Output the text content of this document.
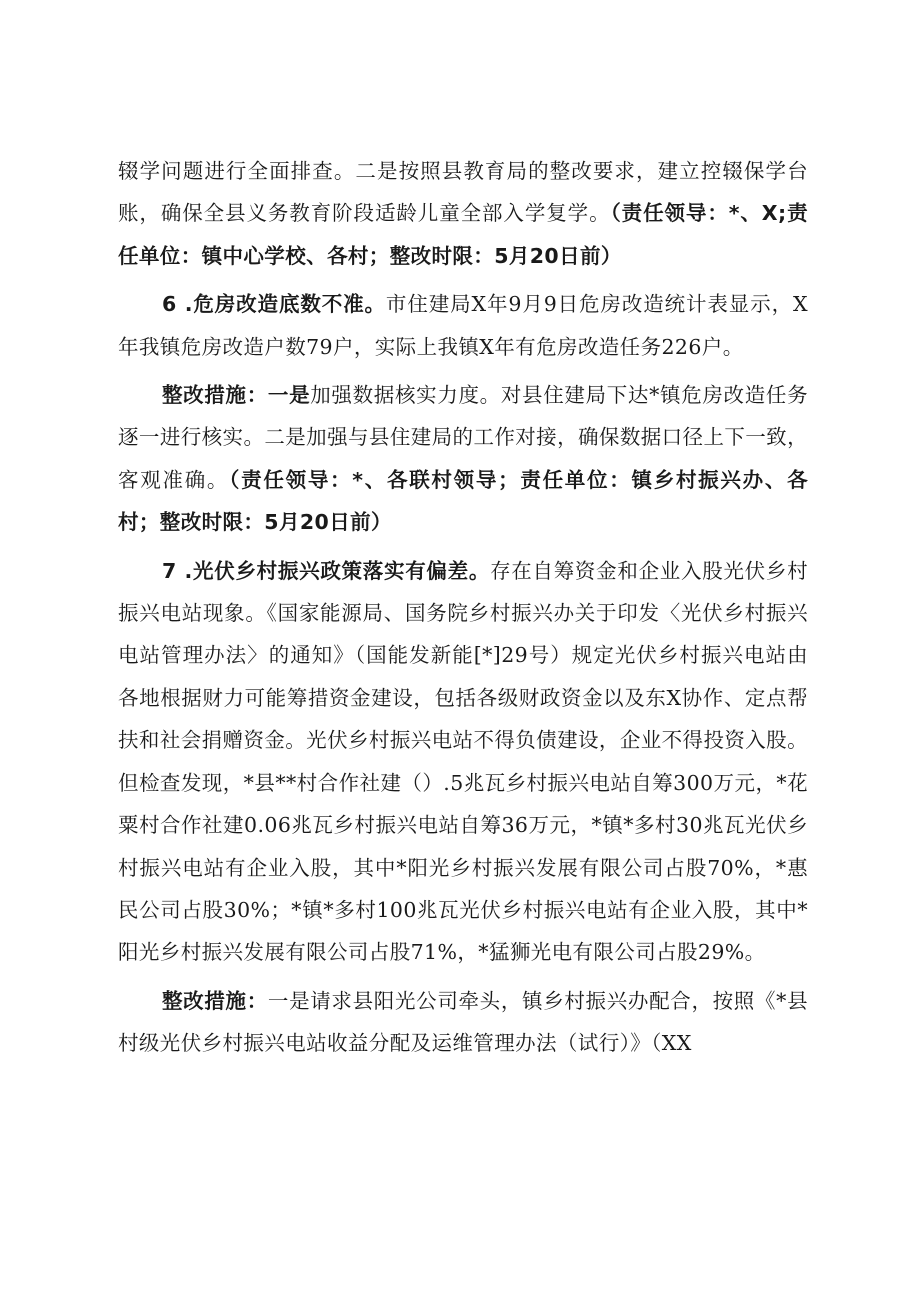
辍学问题进行全面排查。二是按照县教育局的整改要求，建立控辍保学台账，确保全县义务教育阶段适龄儿童全部入学复学。（责任领导：*、X;责任单位：镇中心学校、各村；整改时限：5月20日前）

6 .危房改造底数不准。市住建局X年9月9日危房改造统计表显示，X年我镇危房改造户数79户，实际上我镇X年有危房改造任务226户。

整改措施：一是加强数据核实力度。对县住建局下达*镇危房改造任务逐一进行核实。二是加强与县住建局的工作对接，确保数据口径上下一致，客观准确。（责任领导：*、各联村领导；责任单位：镇乡村振兴办、各村；整改时限：5月20日前）

7 .光伏乡村振兴政策落实有偏差。存在自筹资金和企业入股光伏乡村振兴电站现象。《国家能源局、国务院乡村振兴办关于印发〈光伏乡村振兴电站管理办法〉的通知》（国能发新能[*]29号）规定光伏乡村振兴电站由各地根据财力可能筹措资金建设，包括各级财政资金以及东X协作、定点帮扶和社会捐赠资金。光伏乡村振兴电站不得负债建设，企业不得投资入股。但检查发现，*县**村合作社建（）.5兆瓦乡村振兴电站自筹300万元，*花粟村合作社建0.06兆瓦乡村振兴电站自筹36万元，*镇*多村30兆瓦光伏乡村振兴电站有企业入股，其中*阳光乡村振兴发展有限公司占股70%，*惠民公司占股30%；*镇*多村100兆瓦光伏乡村振兴电站有企业入股，其中*阳光乡村振兴发展有限公司占股71%，*猛狮光电有限公司占股29%。

整改措施：一是请求县阳光公司牵头，镇乡村振兴办配合，按照《*县村级光伏乡村振兴电站收益分配及运维管理办法（试行）》（XX
